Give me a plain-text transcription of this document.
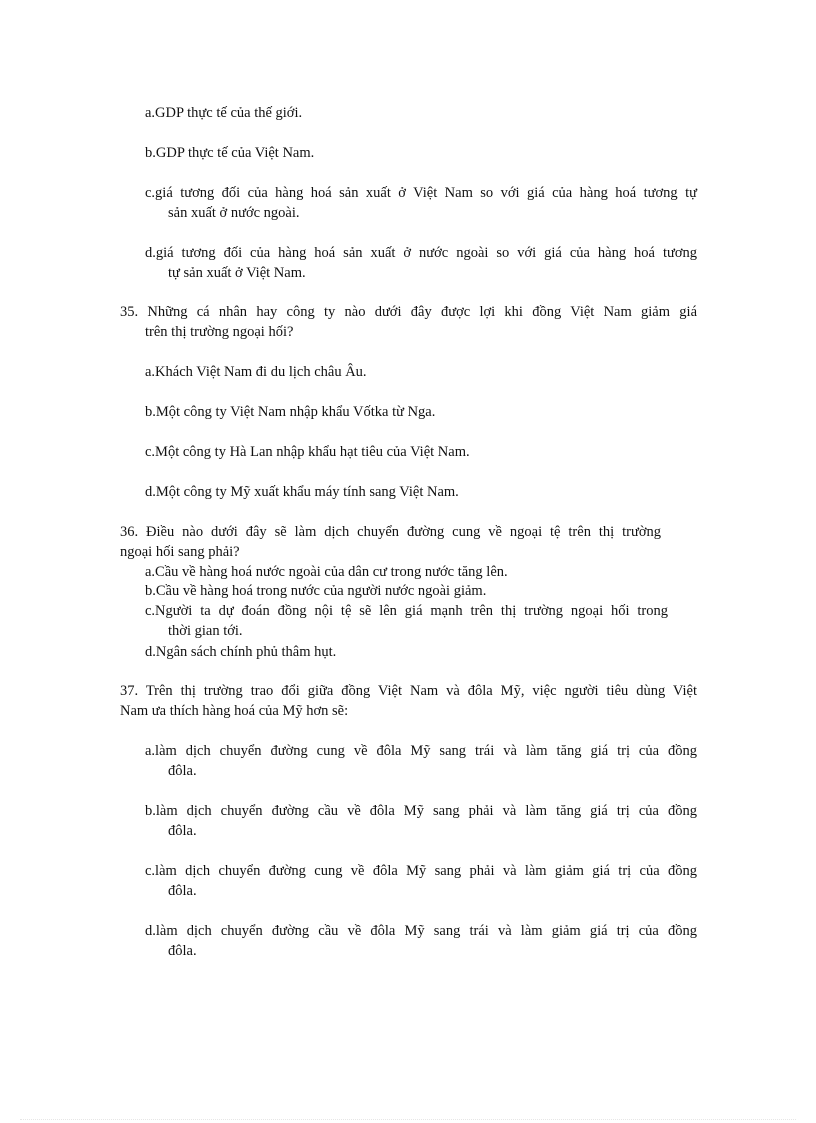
a.GDP thực tế của thế giới.
b.GDP thực tế của Việt Nam.
c.giá tương đối của hàng hoá sản xuất ở Việt Nam so với giá của hàng hoá tương tự
sản xuất ở nước ngoài.
d.giá tương đối của hàng hoá sản xuất ở nước ngoài so với giá của hàng hoá tương
tự sản xuất ở Việt Nam.
35. Những cá nhân hay công ty nào dưới đây được lợi khi đồng Việt Nam giảm giá
trên thị trường ngoại hối?
a.Khách Việt Nam đi du lịch châu Âu.
b.Một công ty Việt Nam nhập khẩu Vốtka từ Nga.
c.Một công ty Hà Lan nhập khẩu hạt tiêu của Việt Nam.
d.Một công ty Mỹ xuất khẩu máy tính sang Việt Nam.
36. Điều nào dưới đây sẽ làm dịch chuyển đường cung về ngoại tệ trên thị trường
ngoại hối sang phải?
a.Cầu về hàng hoá nước ngoài của dân cư trong nước tăng lên.
b.Cầu về hàng hoá trong nước của người nước ngoài giảm.
c.Người ta dự đoán đồng nội tệ sẽ lên giá mạnh trên thị trường ngoại hối trong
thời gian tới.
d.Ngân sách chính phủ thâm hụt.
37. Trên thị trường trao đổi giữa đồng Việt Nam và đôla Mỹ, việc người tiêu dùng Việt
Nam ưa thích hàng hoá của Mỹ hơn sẽ:
a.làm dịch chuyển đường cung về đôla Mỹ sang trái và làm tăng giá trị của đồng
đôla.
b.làm dịch chuyển đường cầu về đôla Mỹ sang phải và làm tăng giá trị của đồng
đôla.
c.làm dịch chuyển đường cung về đôla Mỹ sang phải và làm giảm giá trị của đồng
đôla.
d.làm dịch chuyển đường cầu về đôla Mỹ sang trái và làm giảm giá trị của đồng
đôla.
